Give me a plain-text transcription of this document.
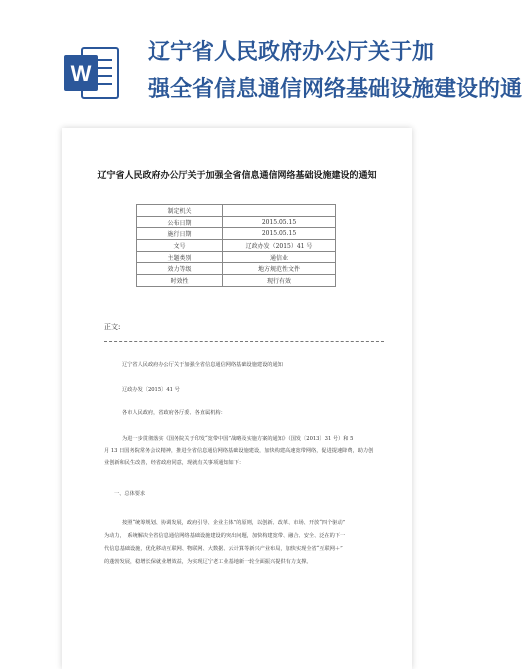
W
辽宁省人民政府办公厅关于加
强全省信息通信网络基础设施建设的通
辽宁省人民政府办公厅关于加强全省信息通信网络基础设施建设的通知
制定机关	
公布日期	2015.05.15
施行日期	2015.05.15
文号	辽政办发（2015）41 号
主题类别	通信业
效力等级	地方规范性文件
时效性	现行有效
正文:
辽宁省人民政府办公厅关于加强全省信息通信网络基础设施建设的通知
辽政办发〔2015〕41 号
各市人民政府，省政府各厅委、各直属机构：
为进一步贯彻落实《国务院关于印发“宽带中国”战略及实施方案的通知》（国发〔2013〕31 号）和 5
月 13 日国务院常务会议精神，推进全省信息通信网络基础设施建设，加快构建高速宽带网络，促进提速降费，助力创
业创新和民生改善，经省政府同意，现就有关事项通知如下：
一、总体要求
按照“统筹规划、协调发展，政府引导、企业主体”的原则，以创新、改革、市场、开放“四个驱动”
为动力，　系统解决全省信息通信网络基础设施建设的突出问题，加快构建宽带、融合、安全、泛在的下一
代信息基础设施，优化移动互联网、物联网、大数据、云计算等新兴产业布局，加快实现全省“互联网＋”
的蓬勃发展，稳增长保就业增效益，为实现辽宁老工业基地新一轮全面振兴提供有力支撑。
